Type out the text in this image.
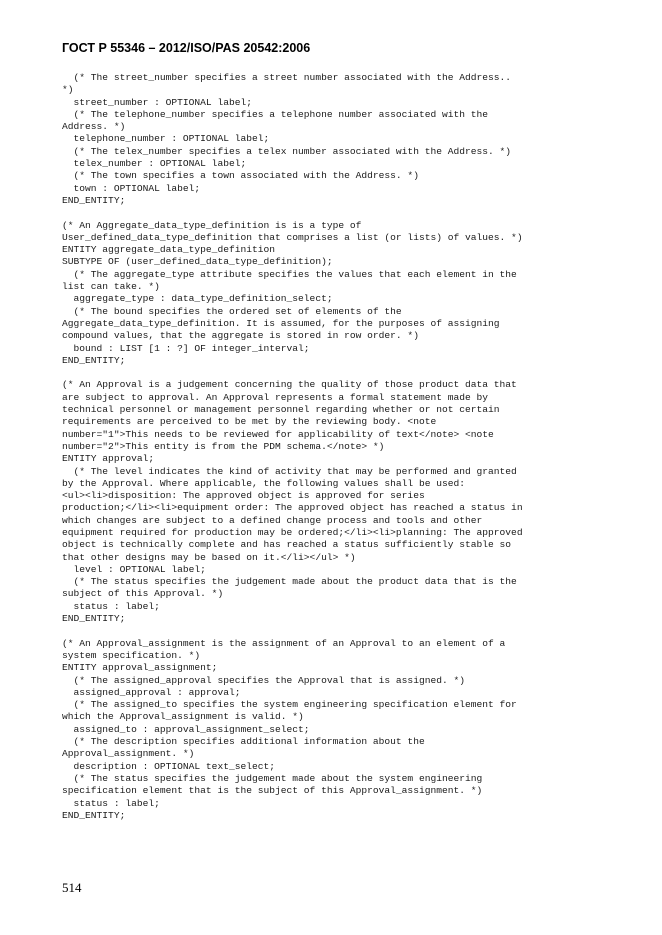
ГОСТ Р 55346 – 2012/ISO/PAS 20542:2006
(* The street_number specifies a street number associated with the Address..
*)
street_number : OPTIONAL label;
(* The telephone_number specifies a telephone number associated with the
Address. *)
telephone_number : OPTIONAL label;
(* The telex_number specifies a telex number associated with the Address. *)
telex_number : OPTIONAL label;
(* The town specifies a town associated with the Address. *)
town : OPTIONAL label;
END_ENTITY;
(* An Aggregate_data_type_definition is is a type of
User_defined_data_type_definition that comprises a list (or lists) of values. *)
ENTITY aggregate_data_type_definition
SUBTYPE OF (user_defined_data_type_definition);
(* The aggregate_type attribute specifies the values that each element in the
list can take. *)
aggregate_type : data_type_definition_select;
(* The bound specifies the ordered set of elements of the
Aggregate_data_type_definition. It is assumed, for the purposes of assigning
compound values, that the aggregate is stored in row order. *)
bound : LIST [1 : ?] OF integer_interval;
END_ENTITY;
(* An Approval is a judgement concerning the quality of those product data that
are subject to approval. An Approval represents a formal statement made by
technical personnel or management personnel regarding whether or not certain
requirements are perceived to be met by the reviewing body. <note
number="1">This needs to be reviewed for applicability of text</note> <note
number="2">This entity is from the PDM schema.</note> *)
ENTITY approval;
(* The level indicates the kind of activity that may be performed and granted
by the Approval. Where applicable, the following values shall be used:
<ul><li>disposition: The approved object is approved for series
production;</li><li>equipment order: The approved object has reached a status in
which changes are subject to a defined change process and tools and other
equipment required for production may be ordered;</li><li>planning: The approved
object is technically complete and has reached a status sufficiently stable so
that other designs may be based on it.</li></ul> *)
level : OPTIONAL label;
(* The status specifies the judgement made about the product data that is the
subject of this Approval. *)
status : label;
END_ENTITY;
(* An Approval_assignment is the assignment of an Approval to an element of a
system specification. *)
ENTITY approval_assignment;
(* The assigned_approval specifies the Approval that is assigned. *)
assigned_approval : approval;
(* The assigned_to specifies the system engineering specification element for
which the Approval_assignment is valid. *)
assigned_to : approval_assignment_select;
(* The description specifies additional information about the
Approval_assignment. *)
description : OPTIONAL text_select;
(* The status specifies the judgement made about the system engineering
specification element that is the subject of this Approval_assignment. *)
status : label;
END_ENTITY;

514
